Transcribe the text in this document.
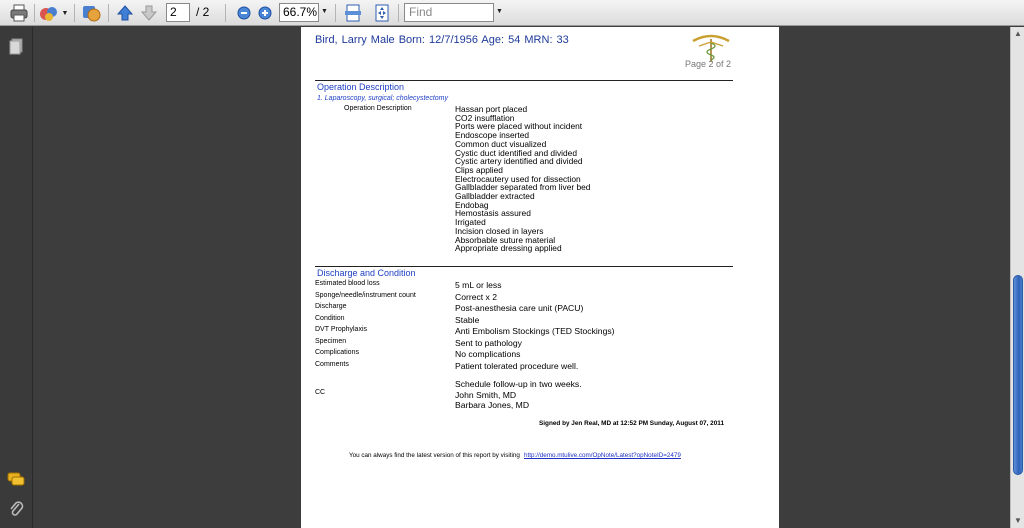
▼	2	/ 2	66.7% ▼	Find	▼
Bird, Larry Male Born: 12/7/1956 Age: 54 MRN: 33
Page 2 of 2
Operation Description
1. Laparoscopy, surgical; cholecystectomy
Operation Description	Hassan port placed
CO2 insufflation
Ports were placed without incident
Endoscope inserted
Common duct visualized
Cystic duct identified and divided
Cystic artery identified and divided
Clips applied
Electrocautery used for dissection
Gallbladder separated from liver bed
Gallbladder extracted
Endobag
Hemostasis assured
Irrigated
Incision closed in layers
Absorbable suture material
Appropriate dressing applied
Discharge and Condition
Estimated blood loss	5 mL or less
Sponge/needle/instrument count	Correct x 2
Discharge	Post-anesthesia care unit (PACU)
Condition	Stable
DVT Prophylaxis	Anti Embolism Stockings (TED Stockings)
Specimen	Sent to pathology
Complications	No complications
Comments	Patient tolerated procedure well.
Schedule follow-up in two weeks.
CC	John Smith, MD
Barbara Jones, MD
Signed by Jen Real, MD at 12:52 PM Sunday, August 07, 2011
You can always find the latest version of this report by visiting http://demo.mtulive.com/OpNote/Latest?opNoteID=2479
▲
▼
